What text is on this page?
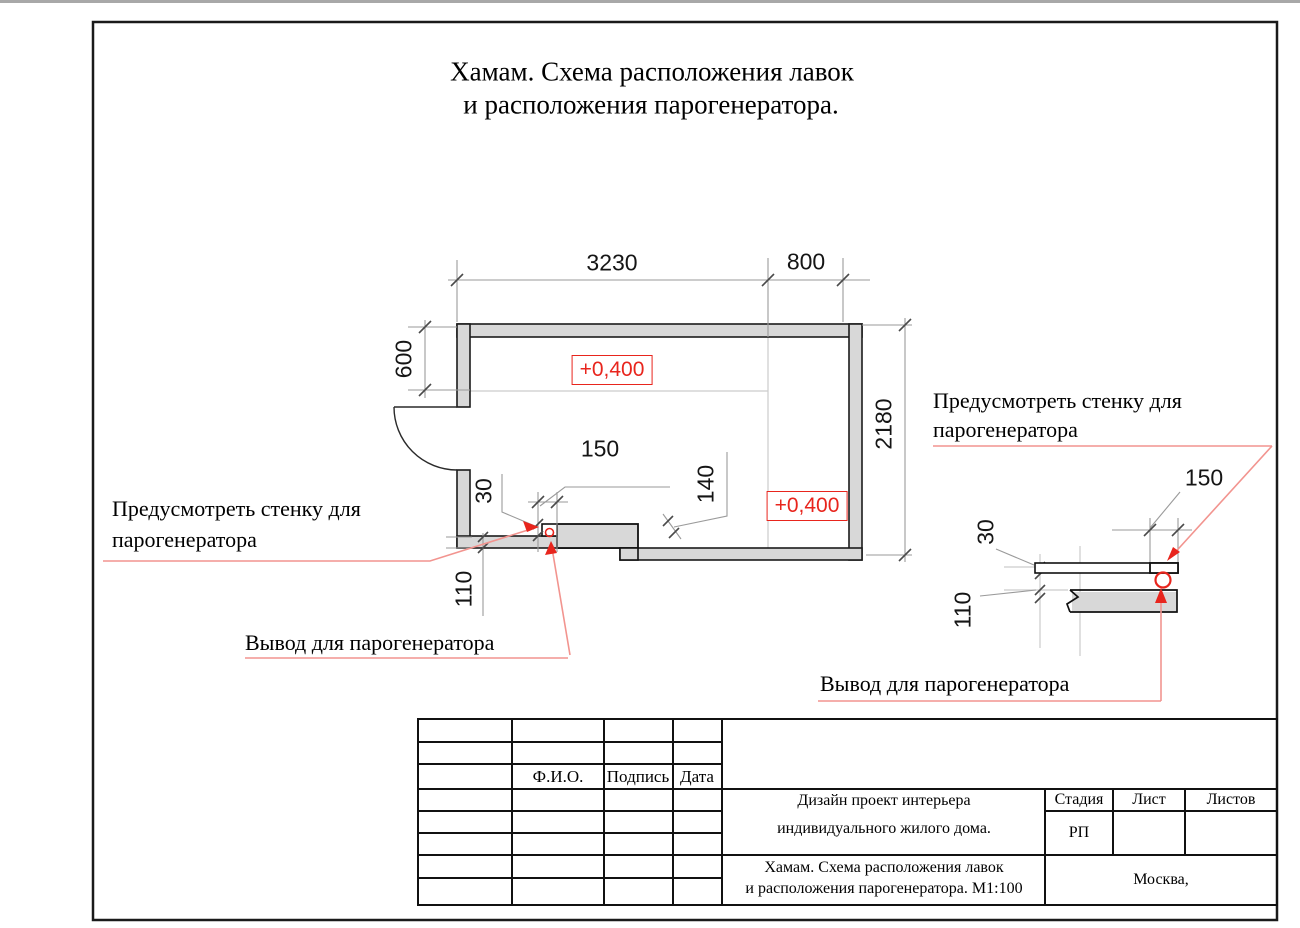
Хамам. Схема расположения лавок
и расположения парогенератора.
3230	800
600
2180
150
30	140
110
+0,400
+0,400
150
30
110
Предусмотреть стенку для
парогенератора
Вывод для парогенератора
Предусмотреть стенку для
парогенератора
Вывод для парогенератора
Ф.И.О. Подпись Дата
Дизайн проект интерьера
индивидуального жилого дома.
Хамам. Схема расположения лавок
и расположения парогенератора. М1:100
Стадия Лист	Листов
РП
Москва,
